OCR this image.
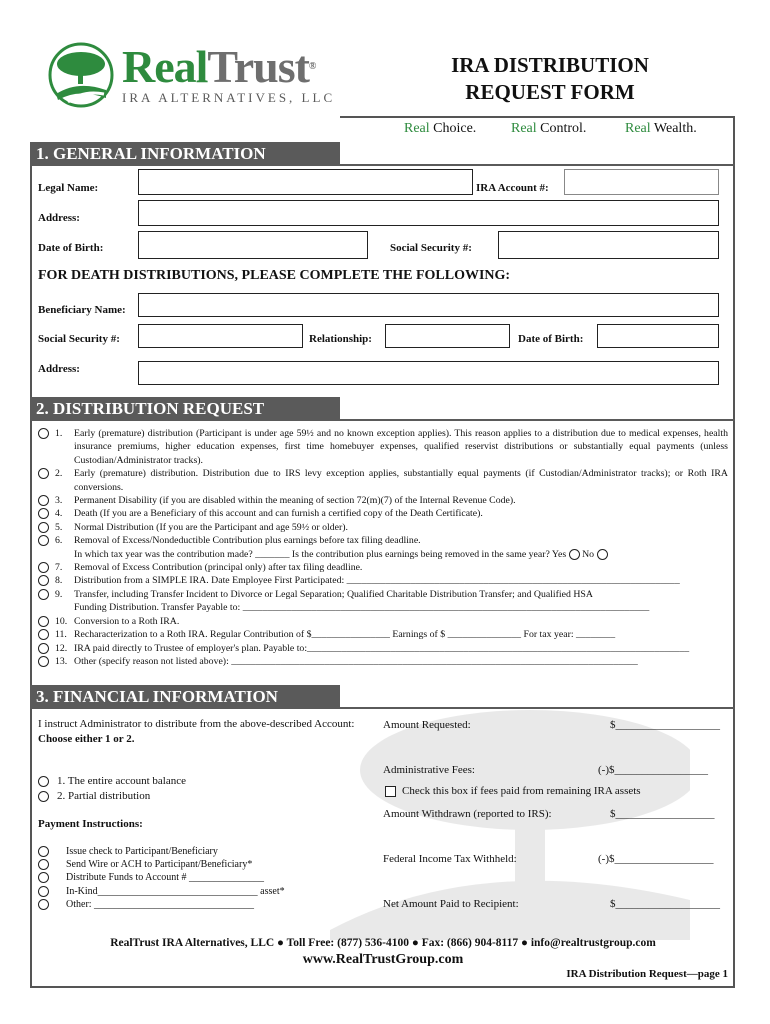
RealTrust®
IRA ALTERNATIVES, LLC
IRA DISTRIBUTION
REQUEST FORM
Real Choice. Real Control.	Real Wealth.
1. GENERAL INFORMATION
Legal Name:	IRA Account #:
Address:
Date of Birth:	Social Security #:
FOR DEATH DISTRIBUTIONS, PLEASE COMPLETE THE FOLLOWING:
Beneficiary Name:
Social Security #:	Relationship:	Date of Birth:
Address:
2. DISTRIBUTION REQUEST
1. Early (premature) distribution (Participant is under age 59½ and no known exception applies). This reason applies to a distribution due to medical expenses, health insurance premiums, higher education expenses, first time homebuyer expenses, qualified reservist distributions or substantially equal payments (unless Custodian/Administrator tracks).
2. Early (premature) distribution. Distribution due to IRS levy exception applies, substantially equal payments (if Custodian/Administrator tracks); or Roth IRA conversions.
3. Permanent Disability (if you are disabled within the meaning of section 72(m)(7) of the Internal Revenue Code).
4. Death (If you are a Beneficiary of this account and can furnish a certified copy of the Death Certificate).
5. Normal Distribution (If you are the Participant and age 59½ or older).
6. Removal of Excess/Nondeductible Contribution plus earnings before tax filing deadline.
In which tax year was the contribution made? _______ Is the contribution plus earnings being removed in the same year? Yes No
7. Removal of Excess Contribution (principal only) after tax filing deadline.
8. Distribution from a SIMPLE IRA. Date Employee First Participated: ____________________________________________________________________
9. Transfer, including Transfer Incident to Divorce or Legal Separation; Qualified Charitable Distribution Transfer; and Qualified HSA
Funding Distribution. Transfer Payable to: ___________________________________________________________________________________
10. Conversion to a Roth IRA.
11. Recharacterization to a Roth IRA. Regular Contribution of $________________ Earnings of $ _______________ For tax year: ________
12. IRA paid directly to Trustee of employer's plan. Payable to:______________________________________________________________________________
13. Other (specify reason not listed above): ___________________________________________________________________________________
3. FINANCIAL INFORMATION
I instruct Administrator to distribute from the above-described Account:
Choose either 1 or 2.
1. The entire account balance
2. Partial distribution
Payment Instructions:
Issue check to Participant/Beneficiary
Send Wire or ACH to Participant/Beneficiary*
Distribute Funds to Account # _______________
In-Kind________________________________ asset*
Other: ________________________________
Amount Requested:	$___________________
Administrative Fees:	(-)$_________________
Check this box if fees paid from remaining IRA assets
Amount Withdrawn (reported to IRS):	$__________________
Federal Income Tax Withheld:	(-)$__________________
Net Amount Paid to Recipient:	$___________________
RealTrust IRA Alternatives, LLC ● Toll Free: (877) 536-4100 ● Fax: (866) 904-8117 ● info@realtrustgroup.com
www.RealTrustGroup.com
IRA Distribution Request—page 1
